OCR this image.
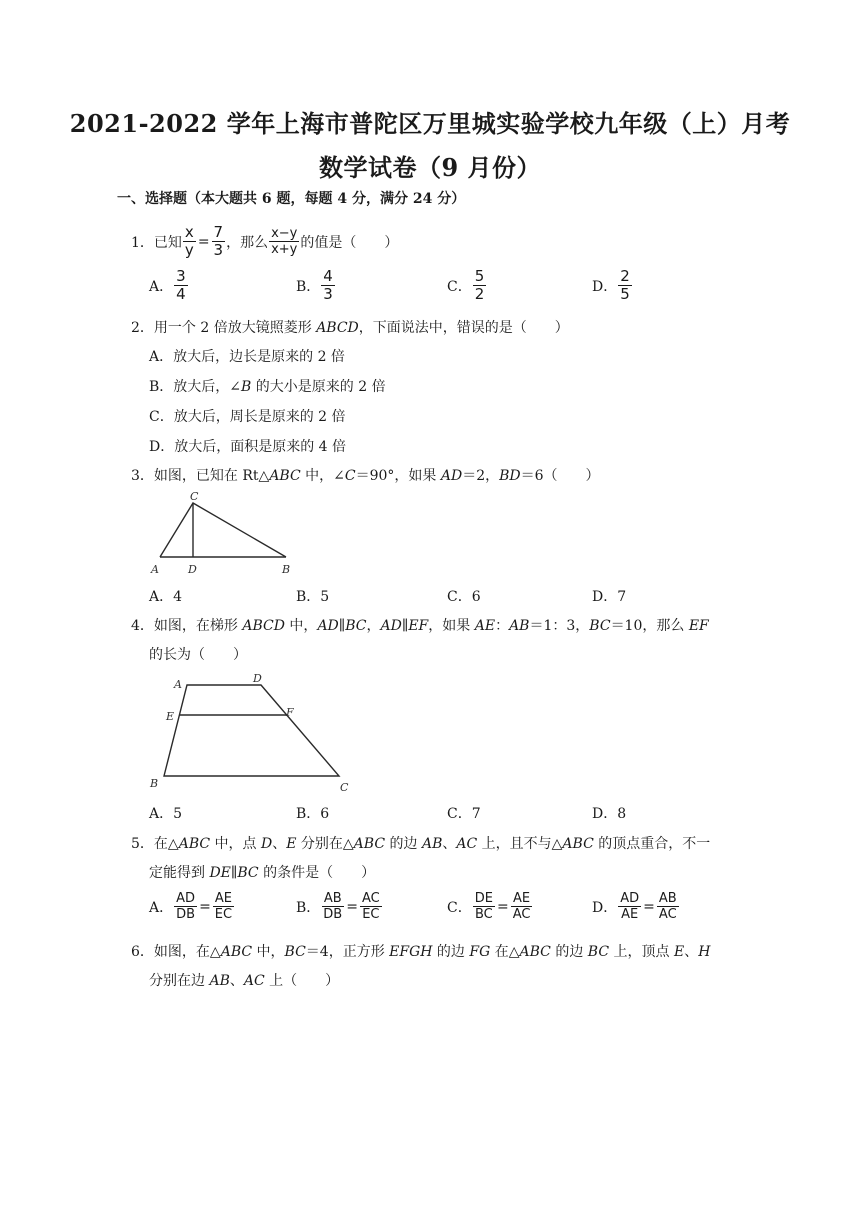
2021-2022 学年上海市普陀区万里城实验学校九年级（上）月考
数学试卷（9 月份）
一、选择题（本大题共 6 题，每题 4 分，满分 24 分）
1． 已知 $\frac{x}{y} = \frac{7}{3}$ ，那么 $\frac{x-y}{x+y}$ 的值是（　　）
A． $\frac{3}{4}$	B． $\frac{4}{3}$	C． $\frac{5}{2}$	D． $\frac{2}{5}$
2．用一个 2 倍放大镜照菱形 ABCD，下面说法中，错误的是（　　）
A．放大后，边长是原来的 2 倍
B．放大后，∠B 的大小是原来的 2 倍
C．放大后，周长是原来的 2 倍
D．放大后，面积是原来的 4 倍
3．如图，已知在 Rt△ABC 中，∠C＝90°，如果 AD＝2，BD＝6（　　）
C
A	D	B
A．4	B．5	C．6	D．7
4．如图，在梯形 ABCD 中，AD∥BC，AD∥EF，如果 AE：AB＝1：3，BC＝10，那么 EF
的长为（　　）
A	D
E	F
B	C
A．5	B．6	C．7	D．8
5．在△ABC 中，点 D、E 分别在△ABC 的边 AB、AC 上，且不与△ABC 的顶点重合，不一
定能得到 DE∥BC 的条件是（　　）
A． $\frac{AD}{DB} = \frac{AE}{EC}$	B． $\frac{AB}{DB} = \frac{AC}{EC}$	C． $\frac{DE}{BC} = \frac{AE}{AC}$	D． $\frac{AD}{AE} = \frac{AB}{AC}$
6．如图，在△ABC 中，BC＝4，正方形 EFGH 的边 FG 在△ABC 的边 BC 上，顶点 E、H
分别在边 AB、AC 上（　　）
